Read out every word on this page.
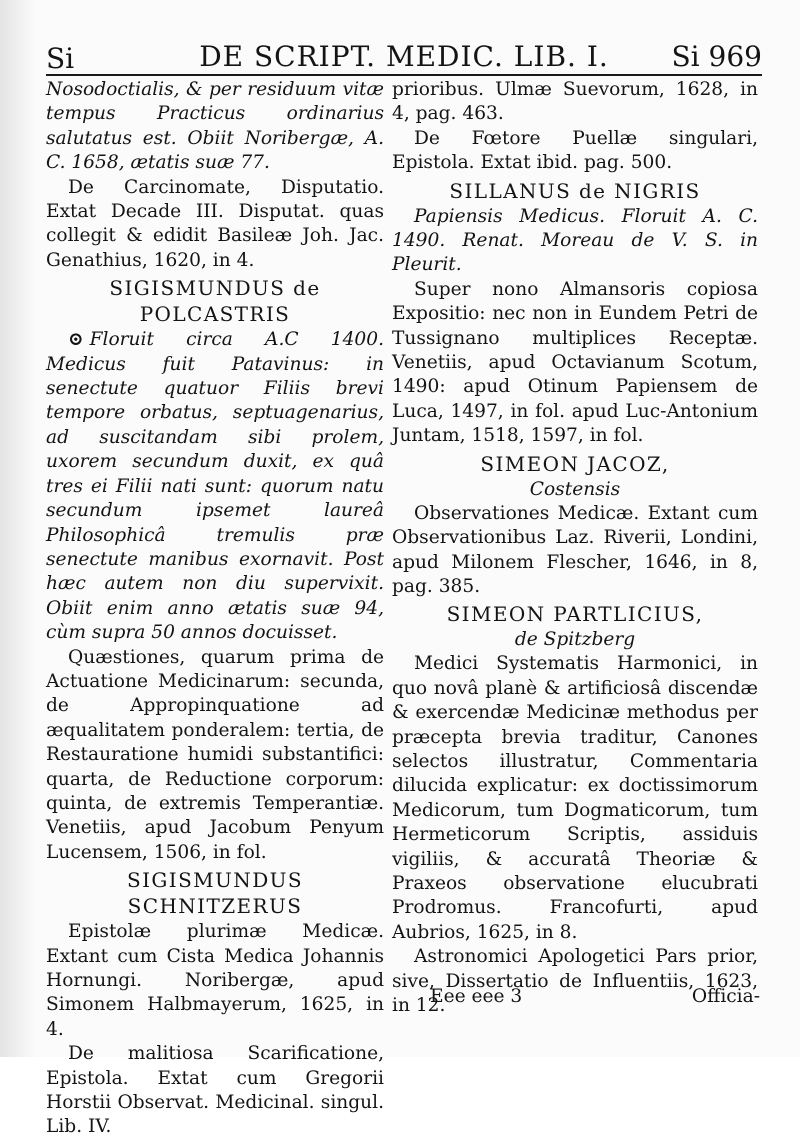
Si	DE SCRIPT. MEDIC. LIB. I.	Si 969

Nosodoctialis, & per residuum vitæ tempus Practicus ordinarius salutatus est. Obiit Noribеrgæ, A. C. 1658, ætatis suæ 77.

De Carcinomate, Disputatio. Extat Decade III. Disputat. quas collegit & edidit Basileæ Joh. Jac. Genathius, 1620, in 4.

SIGISMUNDUS de POLCASTRIS

⊙ Floruit circa A.C 1400. Medicus fuit Patavinus: in senectute quatuor Filiis brevi tempore orbatus, septuagenarius, ad suscitandam sibi prolem, uxorem secundum duxit, ex quâ tres ei Filii nati sunt: quorum natu secundum ipsemet laureâ Philosophicâ tremulis præ senectute manibus exornavit. Post hæc autem non diu supervixit. Obiit enim anno ætatis suæ 94, cùm supra 50 annos docuisset.

Quæstiones, quarum prima de Actuatione Medicinarum: secunda, de Appropinquatione ad æqualitatem ponderalem: tertia, de Restauratione humidi substantifici: quarta, de Reductione corporum: quinta, de extremis Temperantiæ. Venetiis, apud Jacobum Penyum Lucensem, 1506, in fol.

SIGISMUNDUS SCHNITZERUS

Epistolæ plurimæ Medicæ. Extant cum Cista Medica Johannis Hornungi. Noribеrgæ, apud Simonem Halbmayerum, 1625, in 4.

De malitiosa Scarificatione, Epistola. Extat cum Gregorii Horstii Observat. Medicinal. singul. Lib. IV.

prioribus. Ulmæ Suevorum, 1628, in 4, pag. 463.

De Fœtore Puellæ singulari, Epistola. Extat ibid. pag. 500.

SILLANUS de NIGRIS

Papiensis Medicus. Floruit A. C. 1490. Renat. Moreau de V. S. in Pleurit.

Super nono Almansoris copiosa Expositio: nec non in Eundem Petri de Tussignano multiplices Receptæ. Venetiis, apud Octavianum Scotum, 1490: apud Otinum Papiensem de Luca, 1497, in fol. apud Luc-Antonium Juntam, 1518, 1597, in fol.

SIMEON JACOZ,

Costensis

Observationes Medicæ. Extant cum Observationibus Laz. Riverii, Londini, apud Milonem Flescher, 1646, in 8, pag. 385.

SIMEON PARTLICIUS,

de Spitzberg

Medici Systematis Harmonici, in quo novâ planè & artificiosâ discendæ & exercendæ Medicinæ methodus per præcepta brevia traditur, Canones selectos illustratur, Commentaria dilucida explicatur: ex doctissimorum Medicorum, tum Dogmaticorum, tum Hermeticorum Scriptis, assiduis vigiliis, & accuratâ Theoriæ & Praxeos observatione elucubrati Prodromus. Francofurti, apud Aubrios, 1625, in 8.

Astronomici Apologetici Pars prior, sive, Dissertatio de Influentiis, 1623, in 12.

Eee eee 3	Officia-
